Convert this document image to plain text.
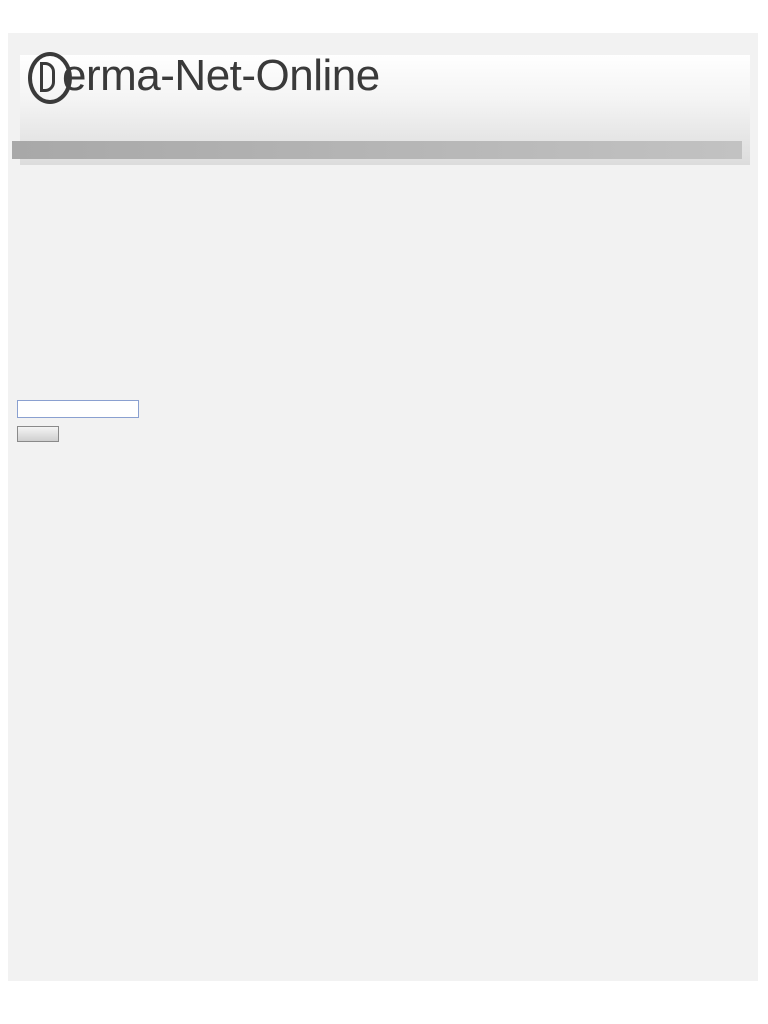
e
rma-Net-Online
